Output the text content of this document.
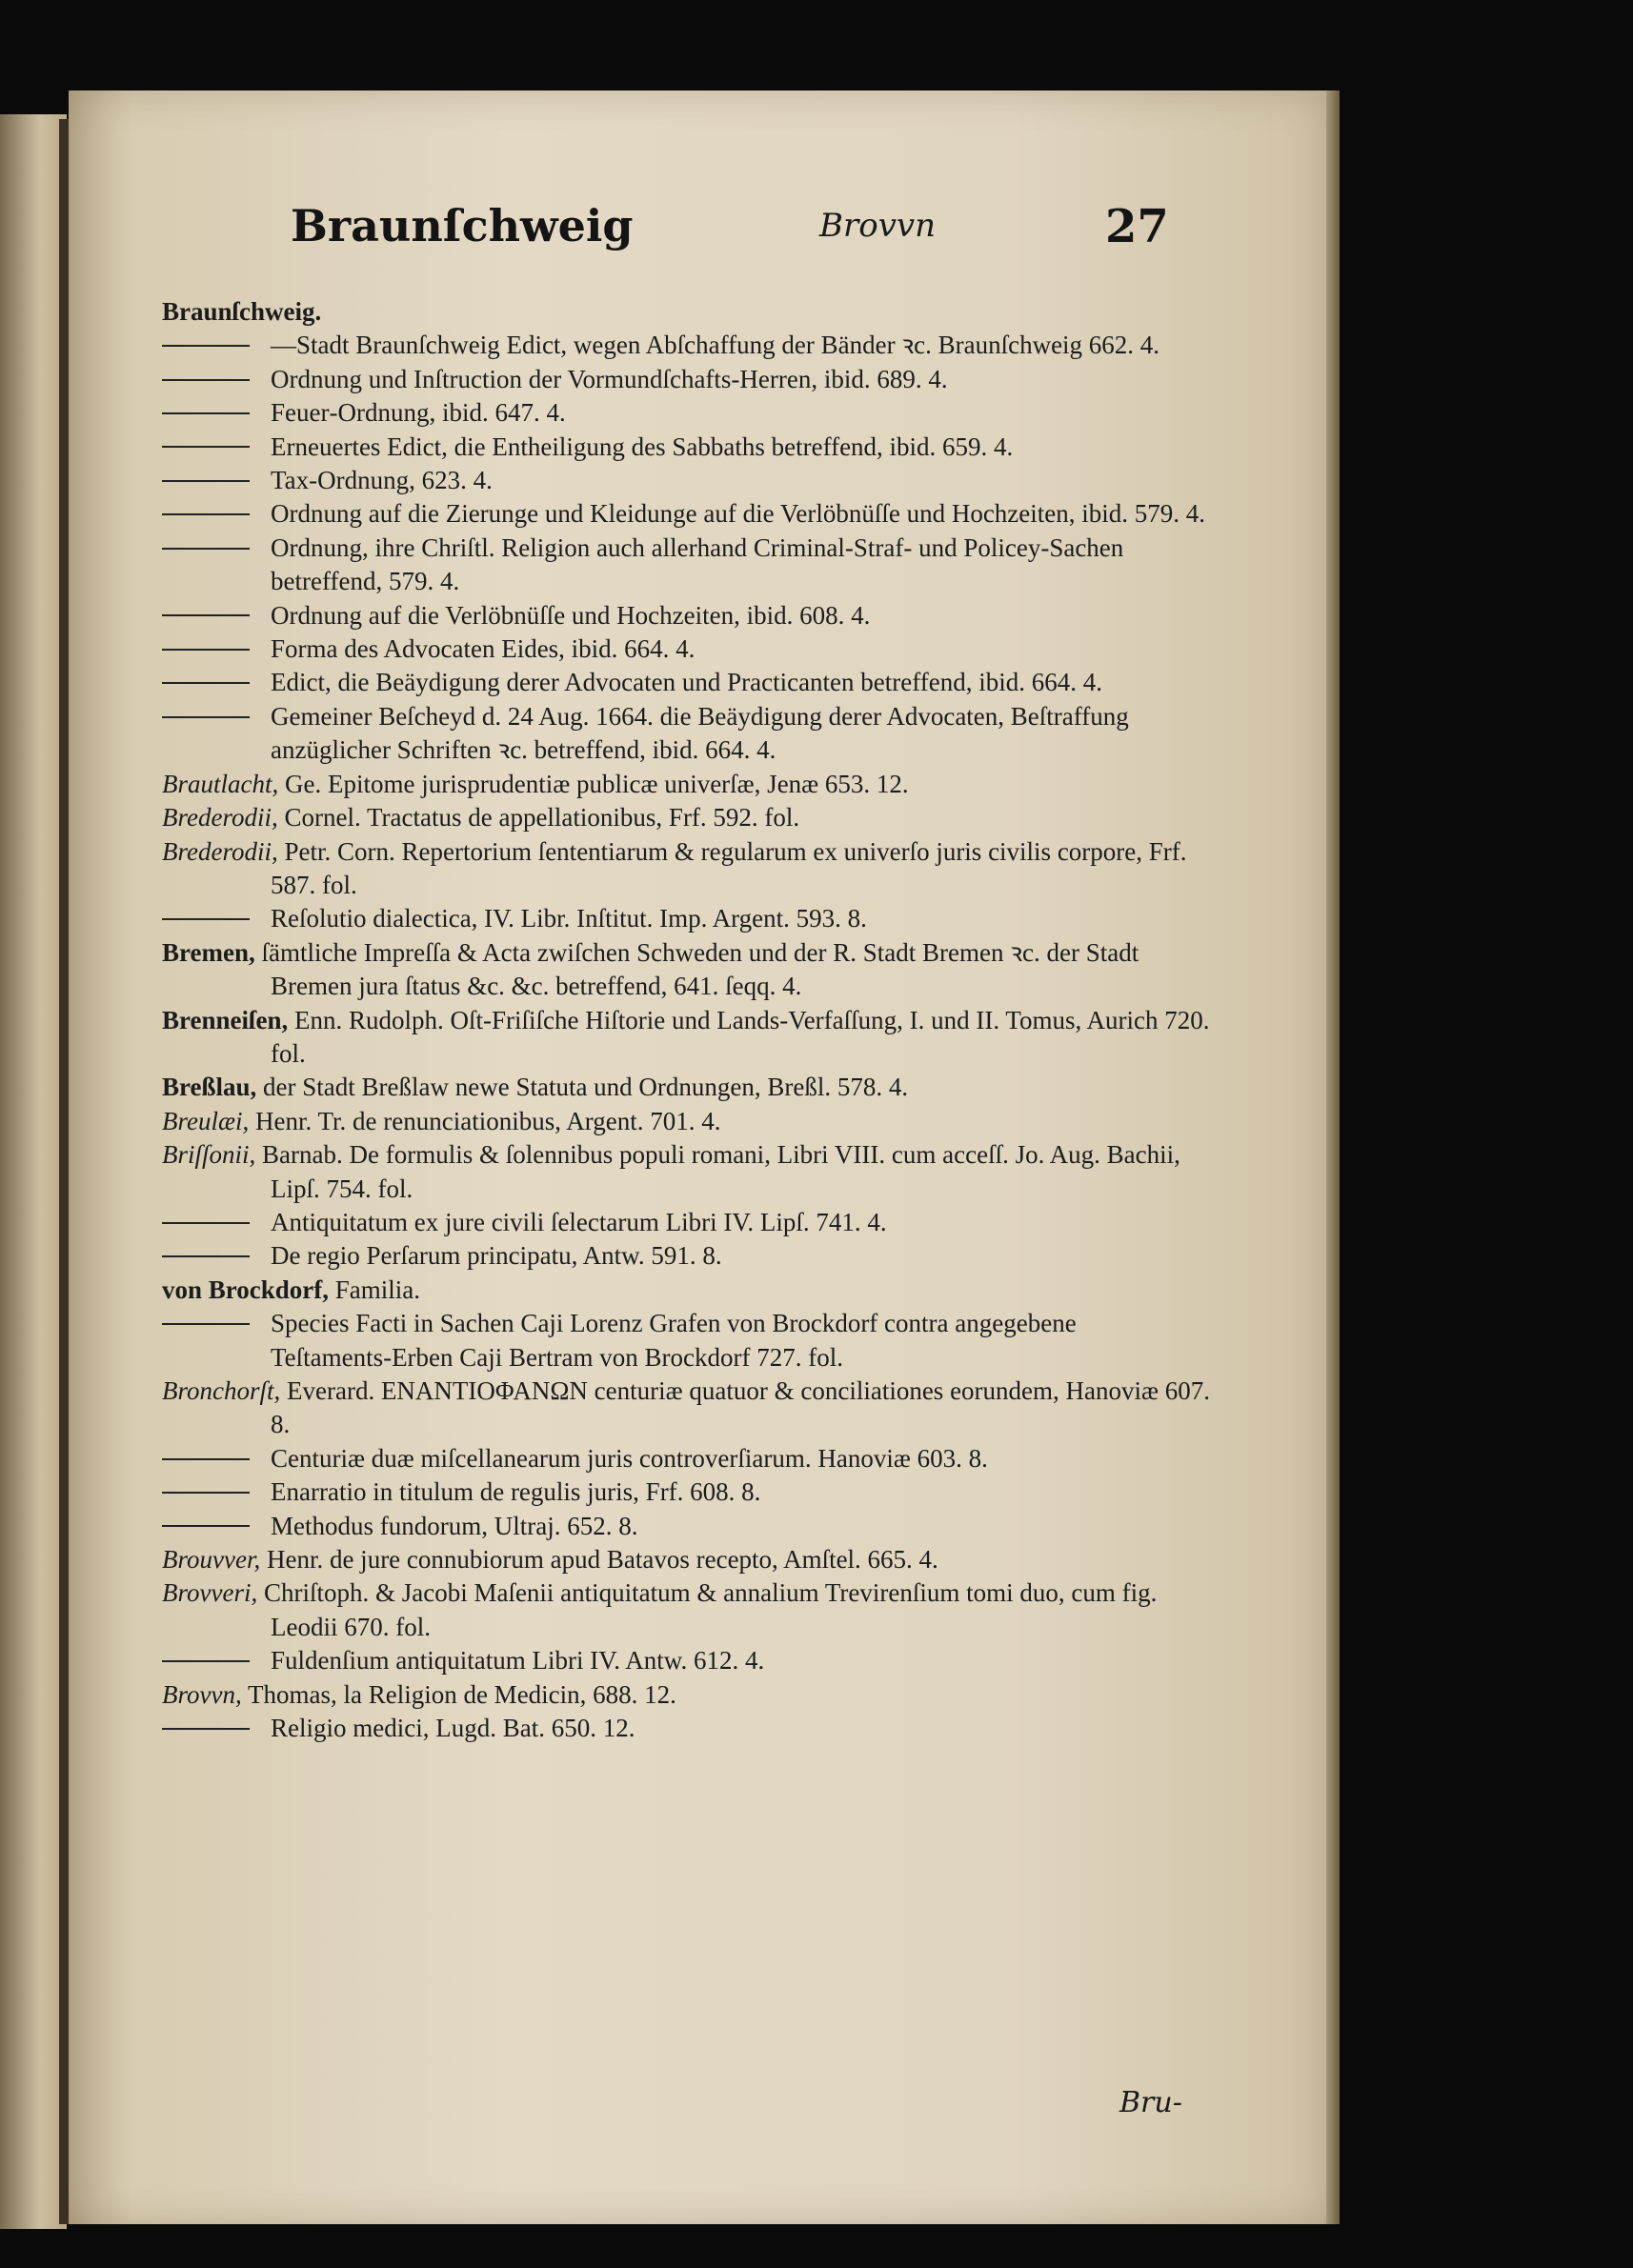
Braunſchweig	Brovvn	27
Braunſchweig.
—Stadt Braunſchweig Edict, wegen Abſchaffung der Bänder ꝛc. Braunſchweig 662. 4.
Ordnung und Inſtruction der Vormundſchafts‑Herren, ibid. 689. 4.
Feuer‑Ordnung, ibid. 647. 4.
Erneuertes Edict, die Entheiligung des Sabbaths betreffend, ibid. 659. 4.
Tax‑Ordnung, 623. 4.
Ordnung auf die Zierunge und Kleidunge auf die Verlöbnüſſe und Hochzeiten, ibid. 579. 4.
Ordnung, ihre Chriſtl. Religion auch allerhand Criminal‑Straf‑ und Policey‑Sachen betreffend, 579. 4.
Ordnung auf die Verlöbnüſſe und Hochzeiten, ibid. 608. 4.
Forma des Advocaten Eides, ibid. 664. 4.
Edict, die Beäydigung derer Advocaten und Practicanten betreffend, ibid. 664. 4.
Gemeiner Beſcheyd d. 24 Aug. 1664. die Beäydigung derer Advocaten, Beſtraffung anzüglicher Schriften ꝛc. betreffend, ibid. 664. 4.
Brautlacht, Ge. Epitome jurisprudentiæ publicæ univerſæ, Jenæ 653. 12.
Brederodii, Cornel. Tractatus de appellationibus, Frf. 592. fol.
Brederodii, Petr. Corn. Repertorium ſententiarum & regularum ex univerſo juris civilis corpore, Frf. 587. fol.
Reſolutio dialectica, IV. Libr. Inſtitut. Imp. Argent. 593. 8.
Bremen, ſämtliche Impreſſa & Acta zwiſchen Schweden und der R. Stadt Bremen ꝛc. der Stadt Bremen jura ſtatus &c. &c. betreffend, 641. ſeqq. 4.
Brenneiſen, Enn. Rudolph. Oſt‑Friſiſche Hiſtorie und Lands‑Verfaſſung, I. und II. Tomus, Aurich 720. fol.
Breßlau, der Stadt Breßlaw newe Statuta und Ordnungen, Breßl. 578. 4.
Breulæi, Henr. Tr. de renunciationibus, Argent. 701. 4.
Briſſonii, Barnab. De formulis & ſolennibus populi romani, Libri VIII. cum acceſſ. Jo. Aug. Bachii, Lipſ. 754. fol.
Antiquitatum ex jure civili ſelectarum Libri IV. Lipſ. 741. 4.
De regio Perſarum principatu, Antw. 591. 8.
von Brockdorf, Familia.
Species Facti in Sachen Caji Lorenz Grafen von Brockdorf contra angegebene Teſtaments‑Erben Caji Bertram von Brockdorf 727. fol.
Bronchorſt, Everard. ΕΝΑΝΤΙΟΦΑΝΩΝ centuriæ quatuor & conciliationes eorundem, Hanoviæ 607. 8.
Centuriæ duæ miſcellanearum juris controverſiarum. Hanoviæ 603. 8.
Enarratio in titulum de regulis juris, Frf. 608. 8.
Methodus fundorum, Ultraj. 652. 8.
Brouvver, Henr. de jure connubiorum apud Batavos recepto, Amſtel. 665. 4.
Brovveri, Chriſtoph. & Jacobi Maſenii antiquitatum & annalium Trevirenſium tomi duo, cum fig. Leodii 670. fol.
Fuldenſium antiquitatum Libri IV. Antw. 612. 4.
Brovvn, Thomas, la Religion de Medicin, 688. 12.
Religio medici, Lugd. Bat. 650. 12.
Bru-
